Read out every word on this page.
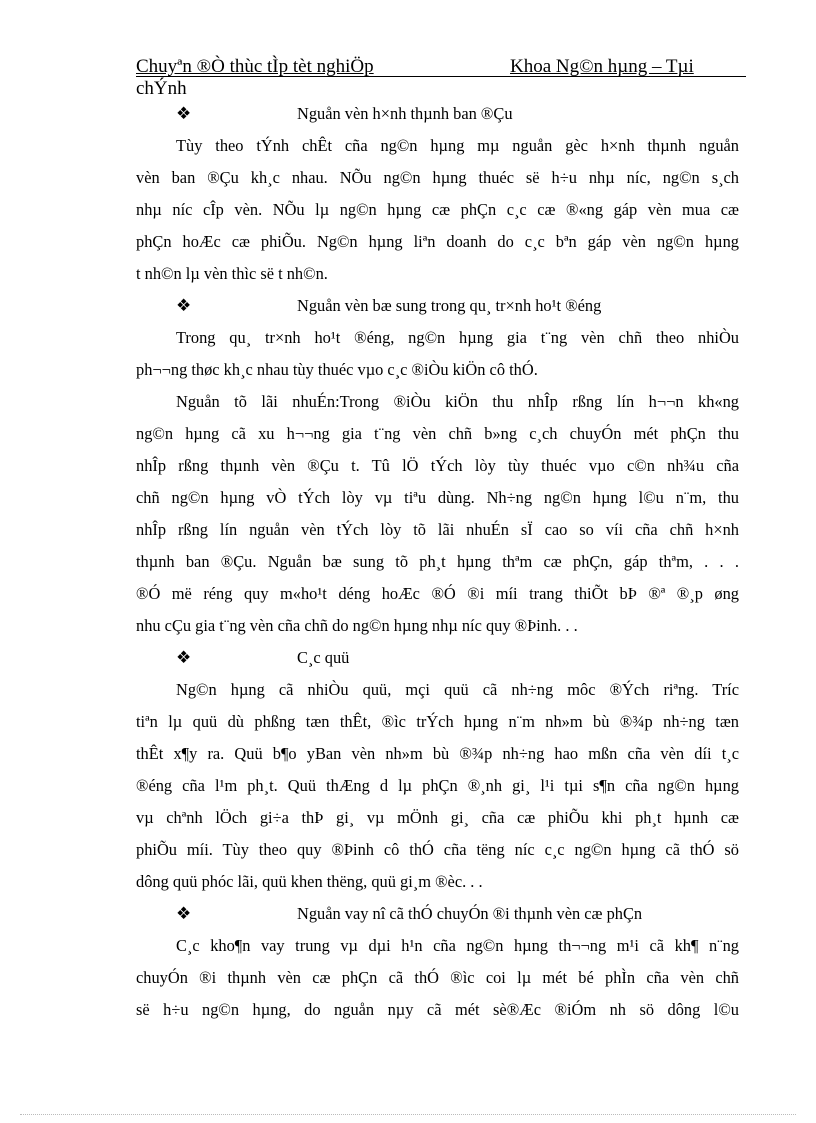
Chuyªn ®Ò thùc tÌp tèt nghiÖp	Khoa Ng©n hµng – Tµi
chÝnh
❖	Nguån vèn h×nh thµnh ban ®Çu
Tùy theo tÝnh chÊt cña ng©n hµng mµ nguån gèc h×nh thµnh nguån
vèn ban ®Çu kh¸c nhau. NÕu ng©n hµng thuéc së h÷u nhµ níc, ng©n s¸ch
nhµ níc cÎp vèn. NÕu lµ ng©n hµng cæ phÇn c¸c cæ ®«ng gáp vèn mua cæ
phÇn hoÆc cæ phiÕu. Ng©n hµng liªn doanh do c¸c bªn gáp vèn ng©n hµng
t nh©n lµ vèn thìc së t nh©n.
❖	Nguån vèn bæ sung trong qu¸ tr×nh ho¹t ®éng
Trong qu¸ tr×nh ho¹t ®éng, ng©n hµng gia t¨ng vèn chñ theo nhiÒu
ph¬¬ng thøc kh¸c nhau tùy thuéc vµo c¸c ®iÒu kiÖn cô thÓ.
Nguån tõ lãi nhuÉn:Trong ®iÒu kiÖn thu nhÎp rßng lín h¬¬n kh«ng
ng©n hµng cã xu h¬¬ng gia t¨ng vèn chñ b»ng c¸ch chuyÓn mét phÇn thu
nhÎp rßng thµnh vèn ®Çu t. Tû lÖ tÝch lòy tùy thuéc vµo c©n nh¾u cña
chñ ng©n hµng vÒ tÝch lòy vµ tiªu dùng. Nh÷ng ng©n hµng l©u n¨m, thu
nhÎp rßng lín nguån vèn tÝch lòy tõ lãi nhuÉn sÏ cao so víi cña chñ h×nh
thµnh ban ®Çu. Nguån bæ sung tõ ph¸t hµng thªm cæ phÇn, gáp thªm, . . .
®Ó më réng quy m«ho¹t déng hoÆc ®Ó ®i míi trang thiÕt bÞ ®ª ®¸p øng
nhu cÇu gia t¨ng vèn cña chñ do ng©n hµng nhµ níc quy ®Þinh. . .
❖	C¸c quü
Ng©n hµng cã nhiÒu quü, mçi quü cã nh÷ng môc ®Ých riªng. Tríc
tiªn lµ quü dù phßng tæn thÊt, ®ìc trÝch hµng n¨m nh»m bù ®¾p nh÷ng tæn
thÊt x¶y ra. Quü b¶o yBan vèn nh»m bù ®¾p nh÷ng hao mßn cña vèn díi t¸c
®éng cña l¹m ph¸t. Quü thÆng d lµ phÇn ®¸nh gi¸ l¹i tµi s¶n cña ng©n hµng
vµ chªnh lÖch gi÷a thÞ gi¸ vµ mÖnh gi¸ cña cæ phiÕu khi ph¸t hµnh cæ
phiÕu míi. Tùy theo quy ®Þinh cô thÓ cña tëng níc c¸c ng©n hµng cã thÓ sö
dông quü phóc lãi, quü khen thëng, quü gi¸m ®èc. . .
❖	Nguån vay nî cã thÓ chuyÓn ®i thµnh vèn cæ phÇn
C¸c kho¶n vay trung vµ dµi h¹n cña ng©n hµng th¬¬ng m¹i cã kh¶ n¨ng
chuyÓn ®i thµnh vèn cæ phÇn cã thÓ ®ìc coi lµ mét bé phÌn cña vèn chñ
së h÷u ng©n hµng, do nguån nµy cã mét sè®Æc ®iÓm nh sö dông l©u
